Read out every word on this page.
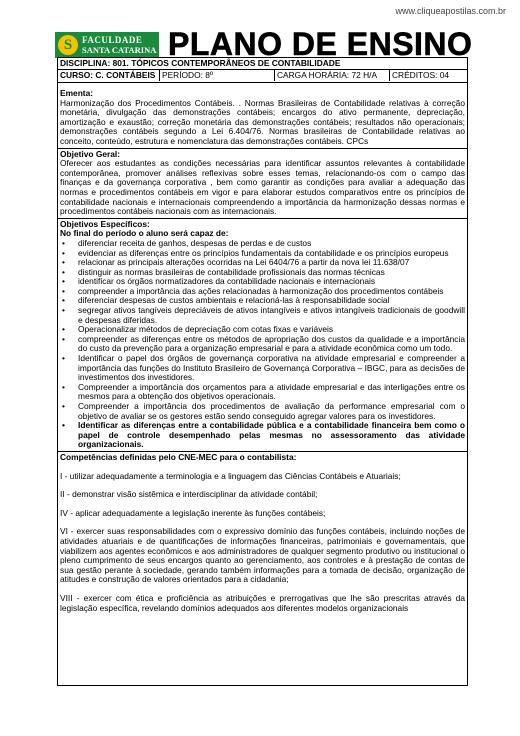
www.cliqueapostilas.com.br
S	FACULDADE
SANTA CATARINA PLANO DE ENSINO
DISCIPLINA: 801. TÓPICOS CONTEMPORÂNEOS DE CONTABILIDADE
CURSO: C. CONTÁBEIS PERÍODO: 8º	CARGA HORÁRIA: 72 H/A	CRÉDITOS: 04
Ementa:
Harmonização dos Procedimentos Contábeis. . Normas Brasileiras de Contabilidade relativas à correção monetária, divulgação das demonstrações contábeis; encargos do ativo permanente, depreciação, amortização e exaustão; correção monetária das demonstrações contábeis; resultados não operacionais; demonstrações contábeis segundo a Lei 6.404/76. Normas brasileiras de Contabilidade relativas ao conceito, conteúdo, estrutura e nomenclatura das demonstrações contábeis. CPCs
Objetivo Geral:
Oferecer aos estudantes as condições necessárias para identificar assuntos relevantes à contabilidade contemporânea, promover análises reflexivas sobre esses temas, relacionando-os com o campo das finanças e da governança corporativa , bem como garantir as condições para avaliar a adequação das normas e procedimentos contábeis em vigor e para elaborar estudos comparativos entre os princípios de contabilidade nacionais e internacionais compreendendo a importância da harmonização dessas normas e procedimentos contábeis nacionais com as internacionais.
Objetivos Específicos:
No final do período o aluno será capaz de:
• diferenciar receita de ganhos, despesas de perdas e de custos
• evidenciar as diferenças entre os princípios fundamentais da contabilidade e os princípios europeus
• relacionar as principais alterações ocorridas na Lei 6404/76 a partir da nova lei 11.638/07
• distinguir as normas brasileiras de contabilidade profissionais das normas técnicas
• identificar os órgãos normatizadores da contabilidade nacionais e internacionais
• compreender a importância das ações relacionadas à harmonização dos procedimentos contábeis
• diferenciar despesas de custos ambientais e relacioná-las à responsabilidade social
• segregar ativos tangíveis depreciáveis de ativos intangíveis e ativos intangíveis tradicionais de goodwill e despesas diferidas.
• Operacionalizar métodos de depreciação com cotas fixas e variáveis
• compreender as diferenças entre os métodos de apropriação dos custos da qualidade e a importância do custo da prevenção para a organização empresarial e para a atividade econômica como um todo.
• Identificar o papel dos órgãos de governança corporativa na atividade empresarial e compreender a importância das funções do Instituto Brasileiro de Governança Corporativa – IBGC, para as decisões de investimentos dos investidores.
• Compreender a importância dos orçamentos para a atividade empresarial e das interligações entre os mesmos para a obtenção dos objetivos operacionais.
• Compreender a importância dos procedimentos de avaliação da performance empresarial com o objetivo de avaliar se os gestores estão sendo conseguido agregar valores para os investidores.
• Identificar as diferenças entre a contabilidade pública e a contabilidade financeira bem como o papel de controle desempenhado pelas mesmas no assessoramento das atividade organizacionais.
Competências definidas pelo CNE-MEC para o contabilista:

I - utilizar adequadamente a terminologia e a linguagem das Ciências Contábeis e Atuariais;

II - demonstrar visão sistêmica e interdisciplinar da atividade contábil;

IV - aplicar adequadamente a legislação inerente às funções contábeis;

VI - exercer suas responsabilidades com o expressivo domínio das funções contábeis, incluindo noções de atividades atuariais e de quantificações de informações financeiras, patrimoniais e governamentais, que viabilizem aos agentes econômicos e aos administradores de qualquer segmento produtivo ou institucional o pleno cumprimento de seus encargos quanto ao gerenciamento, aos controles e à prestação de contas de sua gestão perante à sociedade, gerando também informações para a tomada de decisão, organização de atitudes e construção de valores orientados para a cidadania;

VIII - exercer com ética e proficiência as atribuições e prerrogativas que lhe são prescritas através da legislação específica, revelando domínios adequados aos diferentes modelos organizacionais
